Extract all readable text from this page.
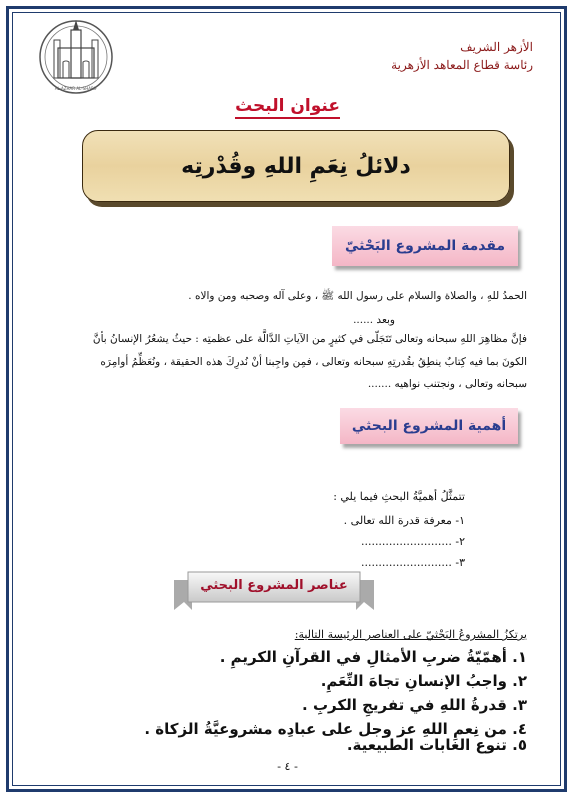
AL-AZHAR AL-SHARIF
الأزهر الشريف
رئاسة قطاع المعاهد الأزهرية
عنوان البحث
دلائلُ نِعَمِ اللهِ وقُدْرتِه
مقدمة المشروع البَحْثيّ
الحمدُ للهِ ، والصلاة والسلام على رسول الله ﷺ ، وعلى آله وصحبه ومن والاه .
وبعد ......
فإنَّ مظاهِرَ اللهِ سبحانه وتعالى تَتَجَلّى في كثيرٍ من الآياتِ الدَّالَّة على عظمتِه : حيثُ يشعُرُ الإنسانُ بأنَّ
الكونَ بما فيه كِتابٌ ينطِقُ بقُدرتِهِ سبحانه وتعالى ، فمِن واجِبنا أنْ نُدرِكَ هذه الحقيقة ، ونُعَظِّمُ أوامِرَه
سبحانه وتعالى ، ونجتنب نواهيه .......
أهمية المشروع البحثي
تتمثَّلُ أهميَّةُ البحثِ فيما يلي :
١- معرفة قدرة الله تعالى .
٢- ..........................
٣- ..........................
عناصر المشروع البحثي
يرتكزُ المشروعُ البَحْثيّ على العناصر الرئيسة التالية:
١. أهمّيّةُ ضربِ الأمثالِ في القرآنِ الكريمِ .
٢. واجبُ الإنسانِ تجاهَ النِّعَمِ.
٣. قدرةُ اللهِ في تفريجِ الكربِ .
٤. من نِعمِ اللهِ عز وجل على عبادِه مشروعيَّةُ الزكاة .
٥. تنوع الغابات الطبيعية.
- ٤ -
